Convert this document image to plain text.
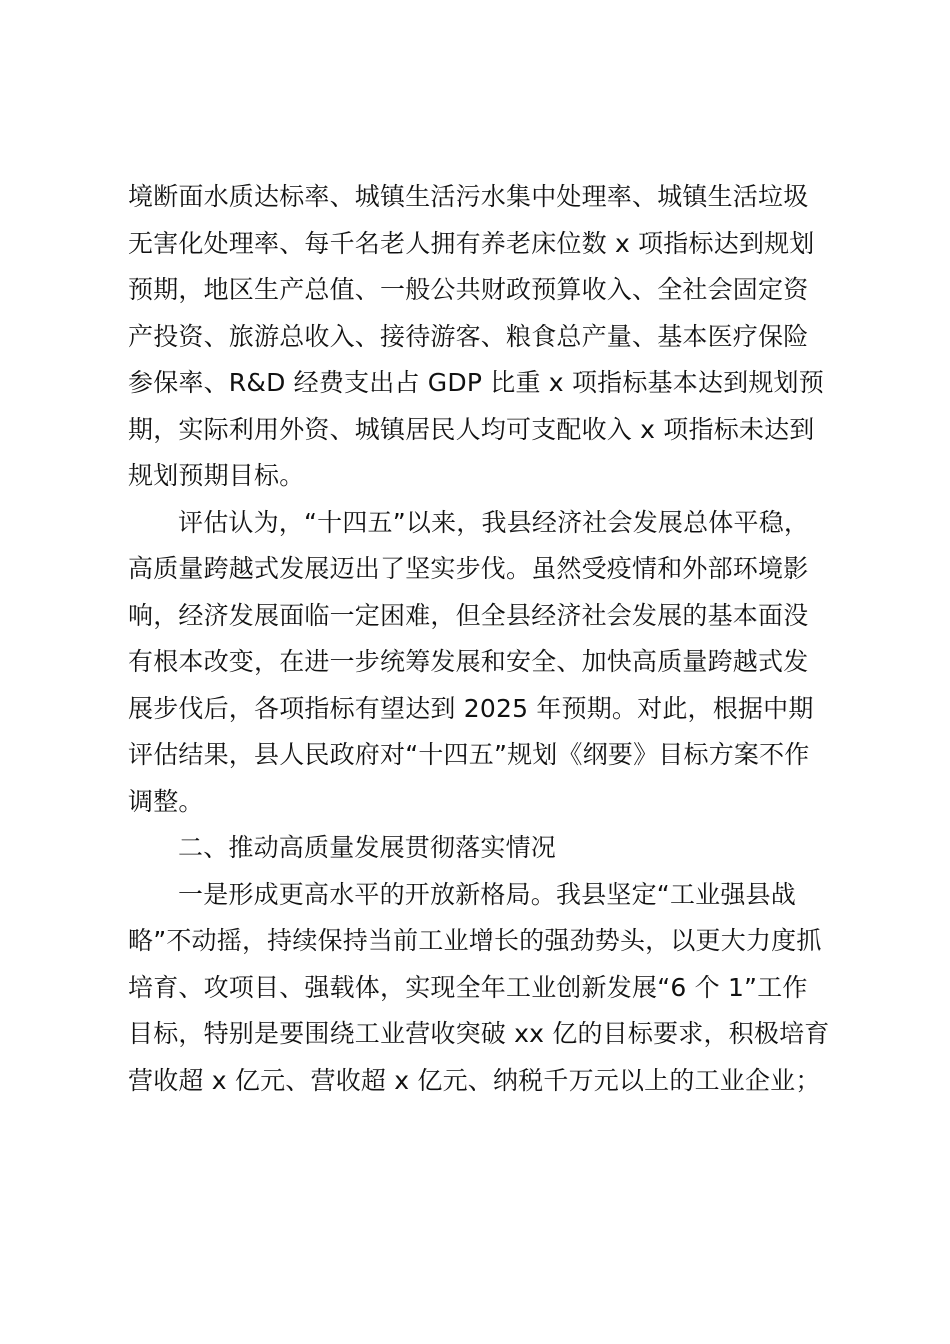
境断面水质达标率、城镇生活污水集中处理率、城镇生活垃圾
无害化处理率、每千名老人拥有养老床位数 x 项指标达到规划
预期，地区生产总值、一般公共财政预算收入、全社会固定资
产投资、旅游总收入、接待游客、粮食总产量、基本医疗保险
参保率、R&D 经费支出占 GDP 比重 x 项指标基本达到规划预
期，实际利用外资、城镇居民人均可支配收入 x 项指标未达到
规划预期目标。
评估认为，“十四五”以来，我县经济社会发展总体平稳，
高质量跨越式发展迈出了坚实步伐。虽然受疫情和外部环境影
响，经济发展面临一定困难，但全县经济社会发展的基本面没
有根本改变，在进一步统筹发展和安全、加快高质量跨越式发
展步伐后，各项指标有望达到 2025 年预期。对此，根据中期
评估结果，县人民政府对“十四五”规划《纲要》目标方案不作
调整。
二、推动高质量发展贯彻落实情况
一是形成更高水平的开放新格局。我县坚定“工业强县战
略”不动摇，持续保持当前工业增长的强劲势头，以更大力度抓
培育、攻项目、强载体，实现全年工业创新发展“6 个 1”工作
目标，特别是要围绕工业营收突破 xx 亿的目标要求，积极培育
营收超 x 亿元、营收超 x 亿元、纳税千万元以上的工业企业；
